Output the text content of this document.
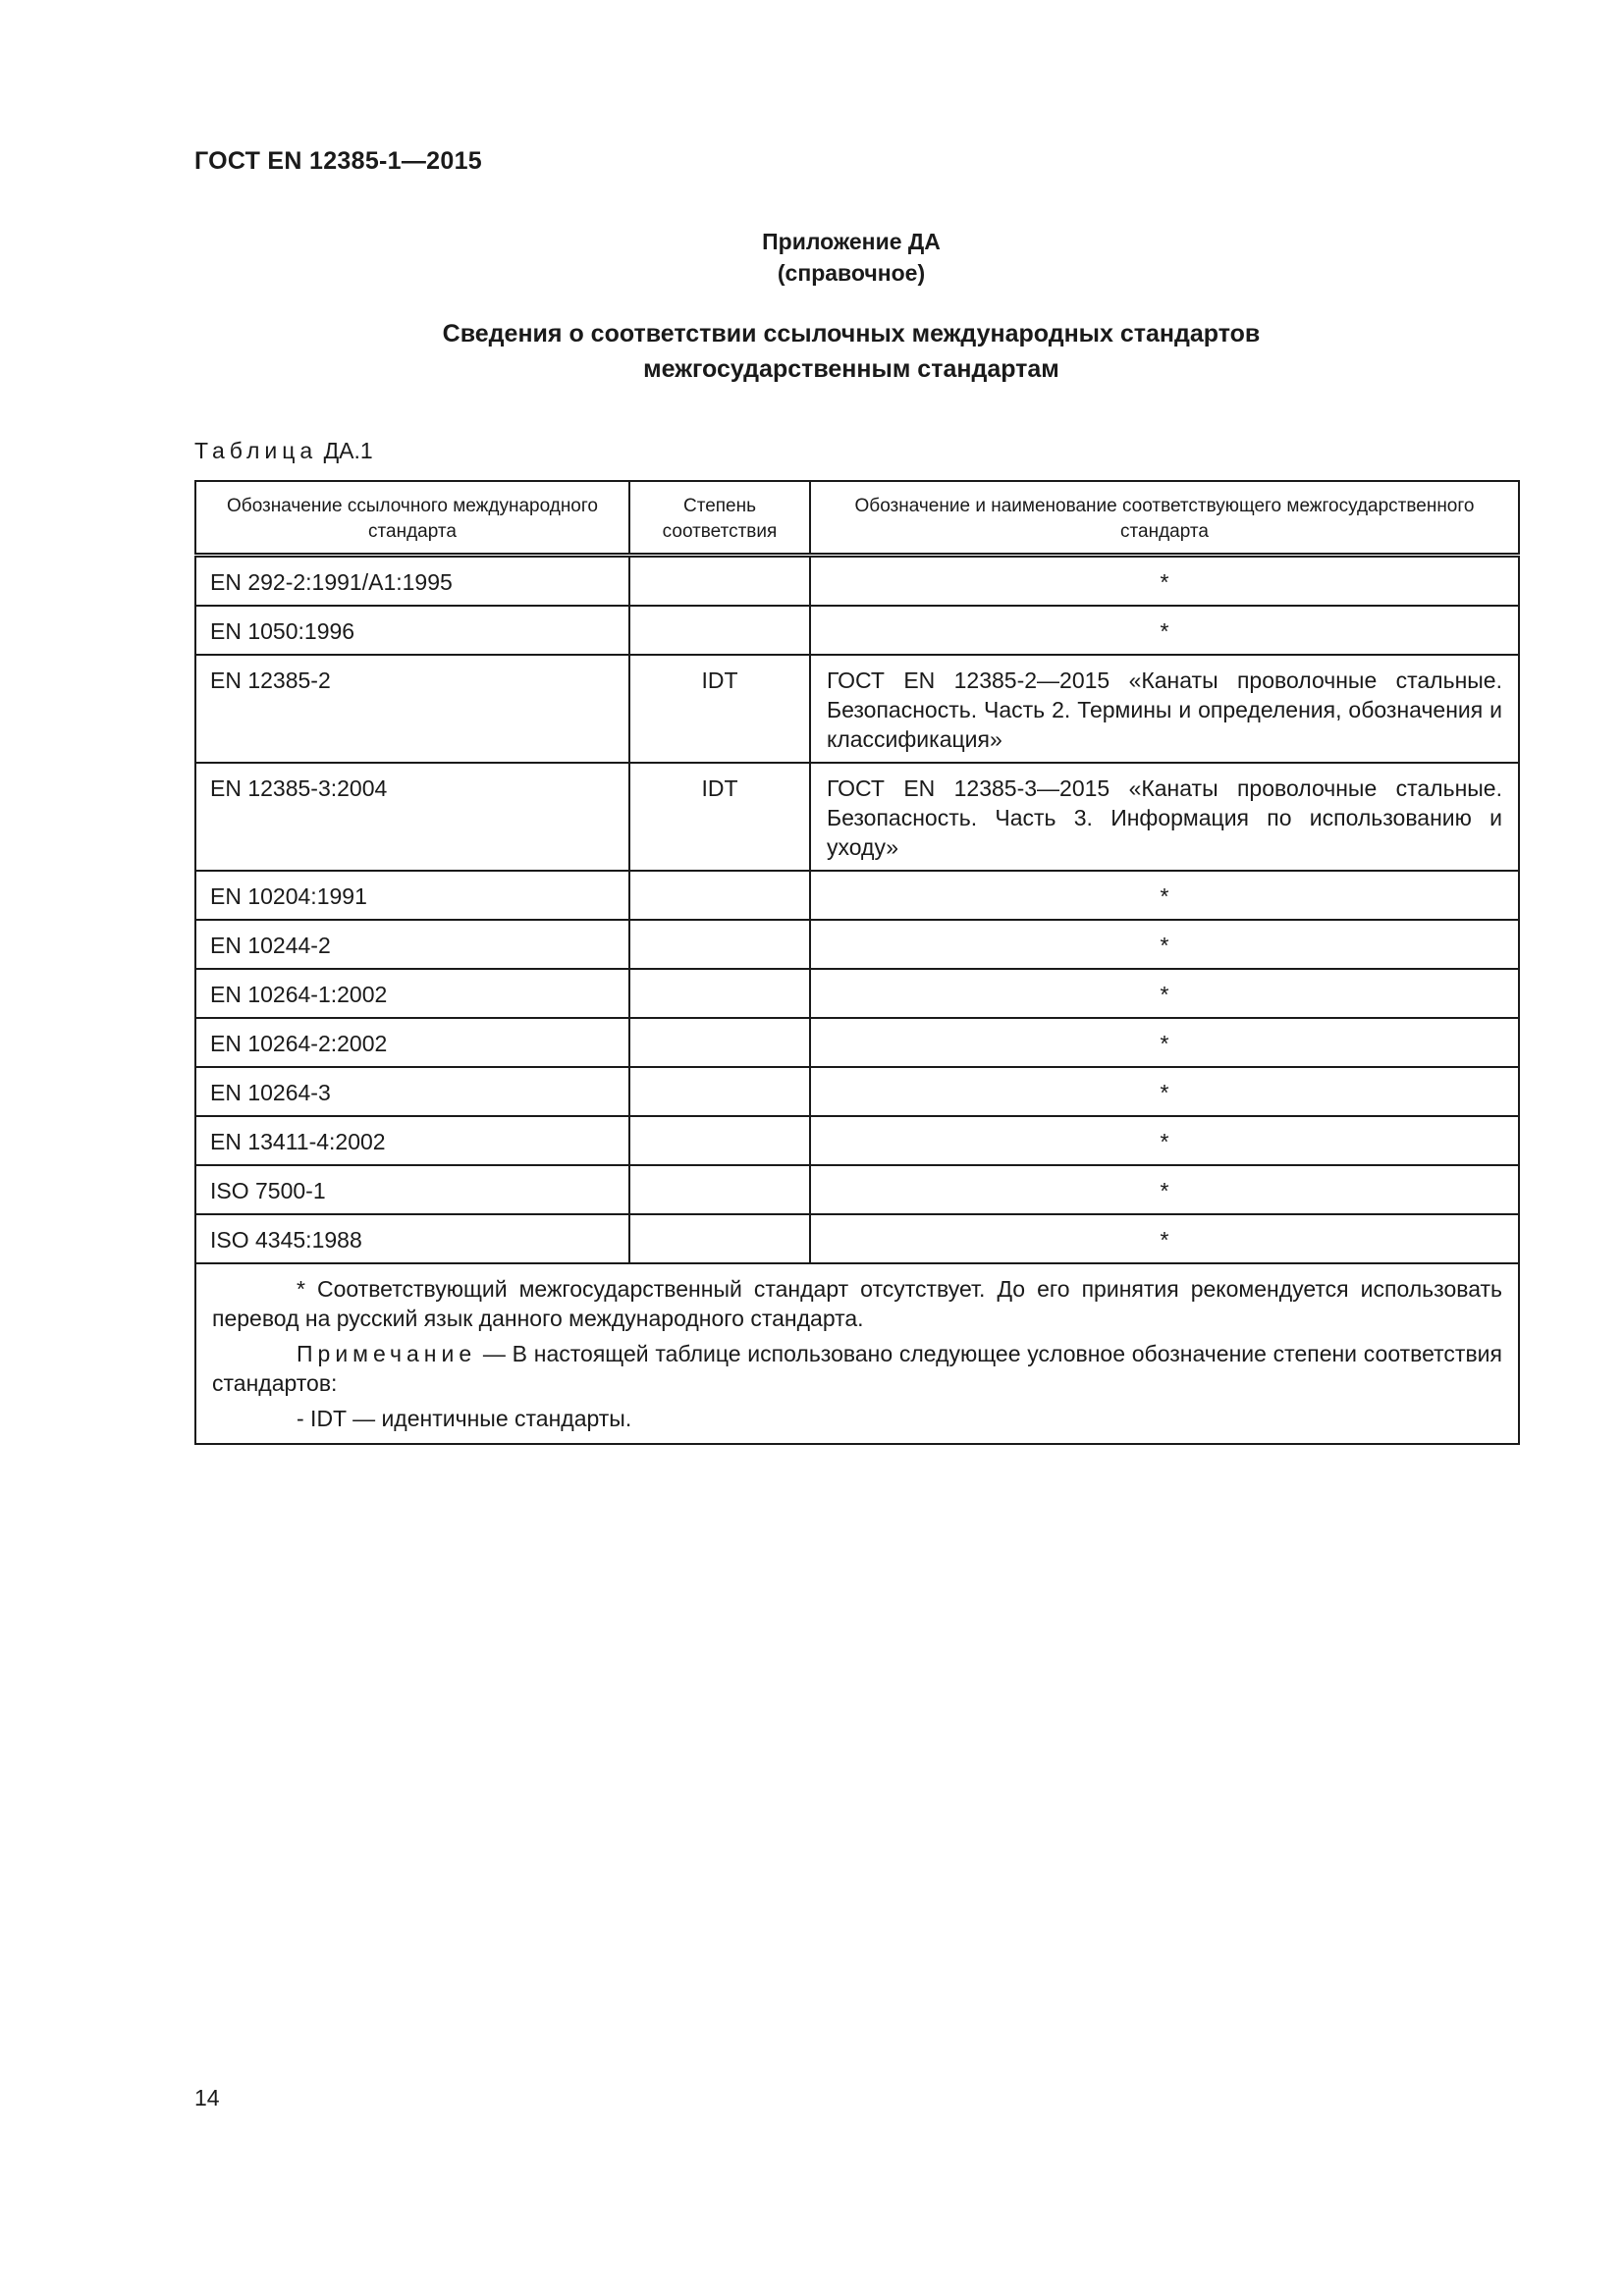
ГОСТ EN 12385-1—2015
Приложение ДА
(справочное)
Сведения о соответствии ссылочных международных стандартов
межгосударственным стандартам
Таблица ДА.1
Обозначение ссылочного международного стандарта	Степень соответствия	Обозначение и наименование соответствующего межгосударственного стандарта
EN 292-2:1991/A1:1995		*
EN 1050:1996		*
EN 12385-2	IDT	ГОСТ EN 12385-2—2015 «Канаты проволочные стальные. Безопасность. Часть 2. Термины и определения, обозначения и классификация»
EN 12385-3:2004	IDT	ГОСТ EN 12385-3—2015 «Канаты проволочные стальные. Безопасность. Часть 3. Информация по использованию и уходу»
EN 10204:1991		*
EN 10244-2		*
EN 10264-1:2002		*
EN 10264-2:2002		*
EN 10264-3		*
EN 13411-4:2002		*
ISO 7500-1		*
ISO 4345:1988		*

* Соответствующий межгосударственный стандарт отсутствует. До его принятия рекомендуется использовать перевод на русский язык данного международного стандарта.

Примечание — В настоящей таблице использовано следующее условное обозначение степени соответствия стандартов:

- IDT — идентичные стандарты.		
14
